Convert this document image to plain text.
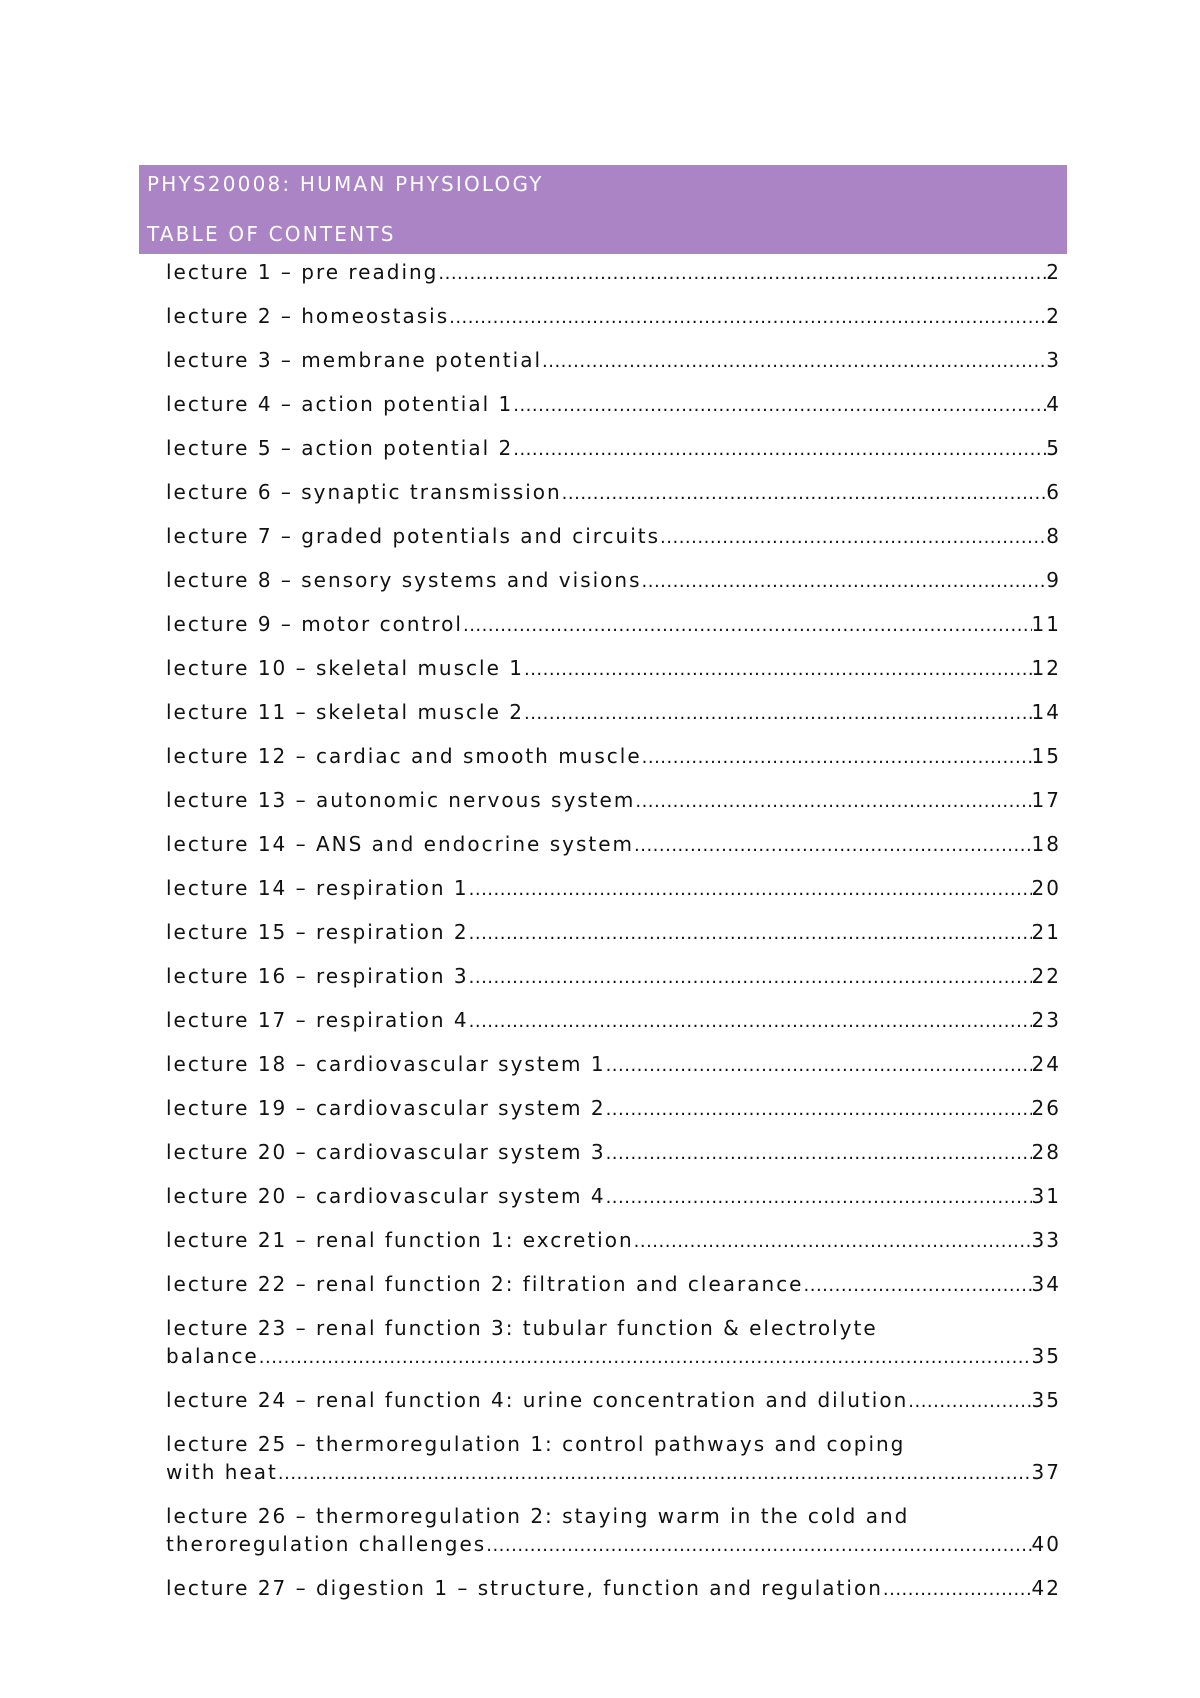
PHYS20008: HUMAN PHYSIOLOGY
TABLE OF CONTENTS
lecture 1 – pre reading .....	2
lecture 2 – homeostasis .....	2
lecture 3 – membrane potential .....	3
lecture 4 – action potential 1 .....	4
lecture 5 – action potential 2 .....	5
lecture 6 – synaptic transmission .....	6
lecture 7 – graded potentials and circuits .....	8
lecture 8 – sensory systems and visions .....	9
lecture 9 – motor control .....	11
lecture 10 – skeletal muscle 1 .....	12
lecture 11 – skeletal muscle 2 .....	14
lecture 12 – cardiac and smooth muscle .....	15
lecture 13 – autonomic nervous system .....	17
lecture 14 – ANS and endocrine system .....	18
lecture 14 – respiration 1 .....	20
lecture 15 – respiration 2 .....	21
lecture 16 – respiration 3 .....	22
lecture 17 – respiration 4 .....	23
lecture 18 – cardiovascular system 1 .....	24
lecture 19 – cardiovascular system 2 .....	26
lecture 20 – cardiovascular system 3 .....	28
lecture 20 – cardiovascular system 4 .....	31
lecture 21 – renal function 1: excretion .....	33
lecture 22 – renal function 2: filtration and clearance .....	34
lecture 23 – renal function 3: tubular function & electrolyte
balance .....	35
lecture 24 – renal function 4: urine concentration and dilution .....	35
lecture 25 – thermoregulation 1: control pathways and coping
with heat .....	37
lecture 26 – thermoregulation 2: staying warm in the cold and
theroregulation challenges .....	40
lecture 27 – digestion 1 – structure, function and regulation .....	42
